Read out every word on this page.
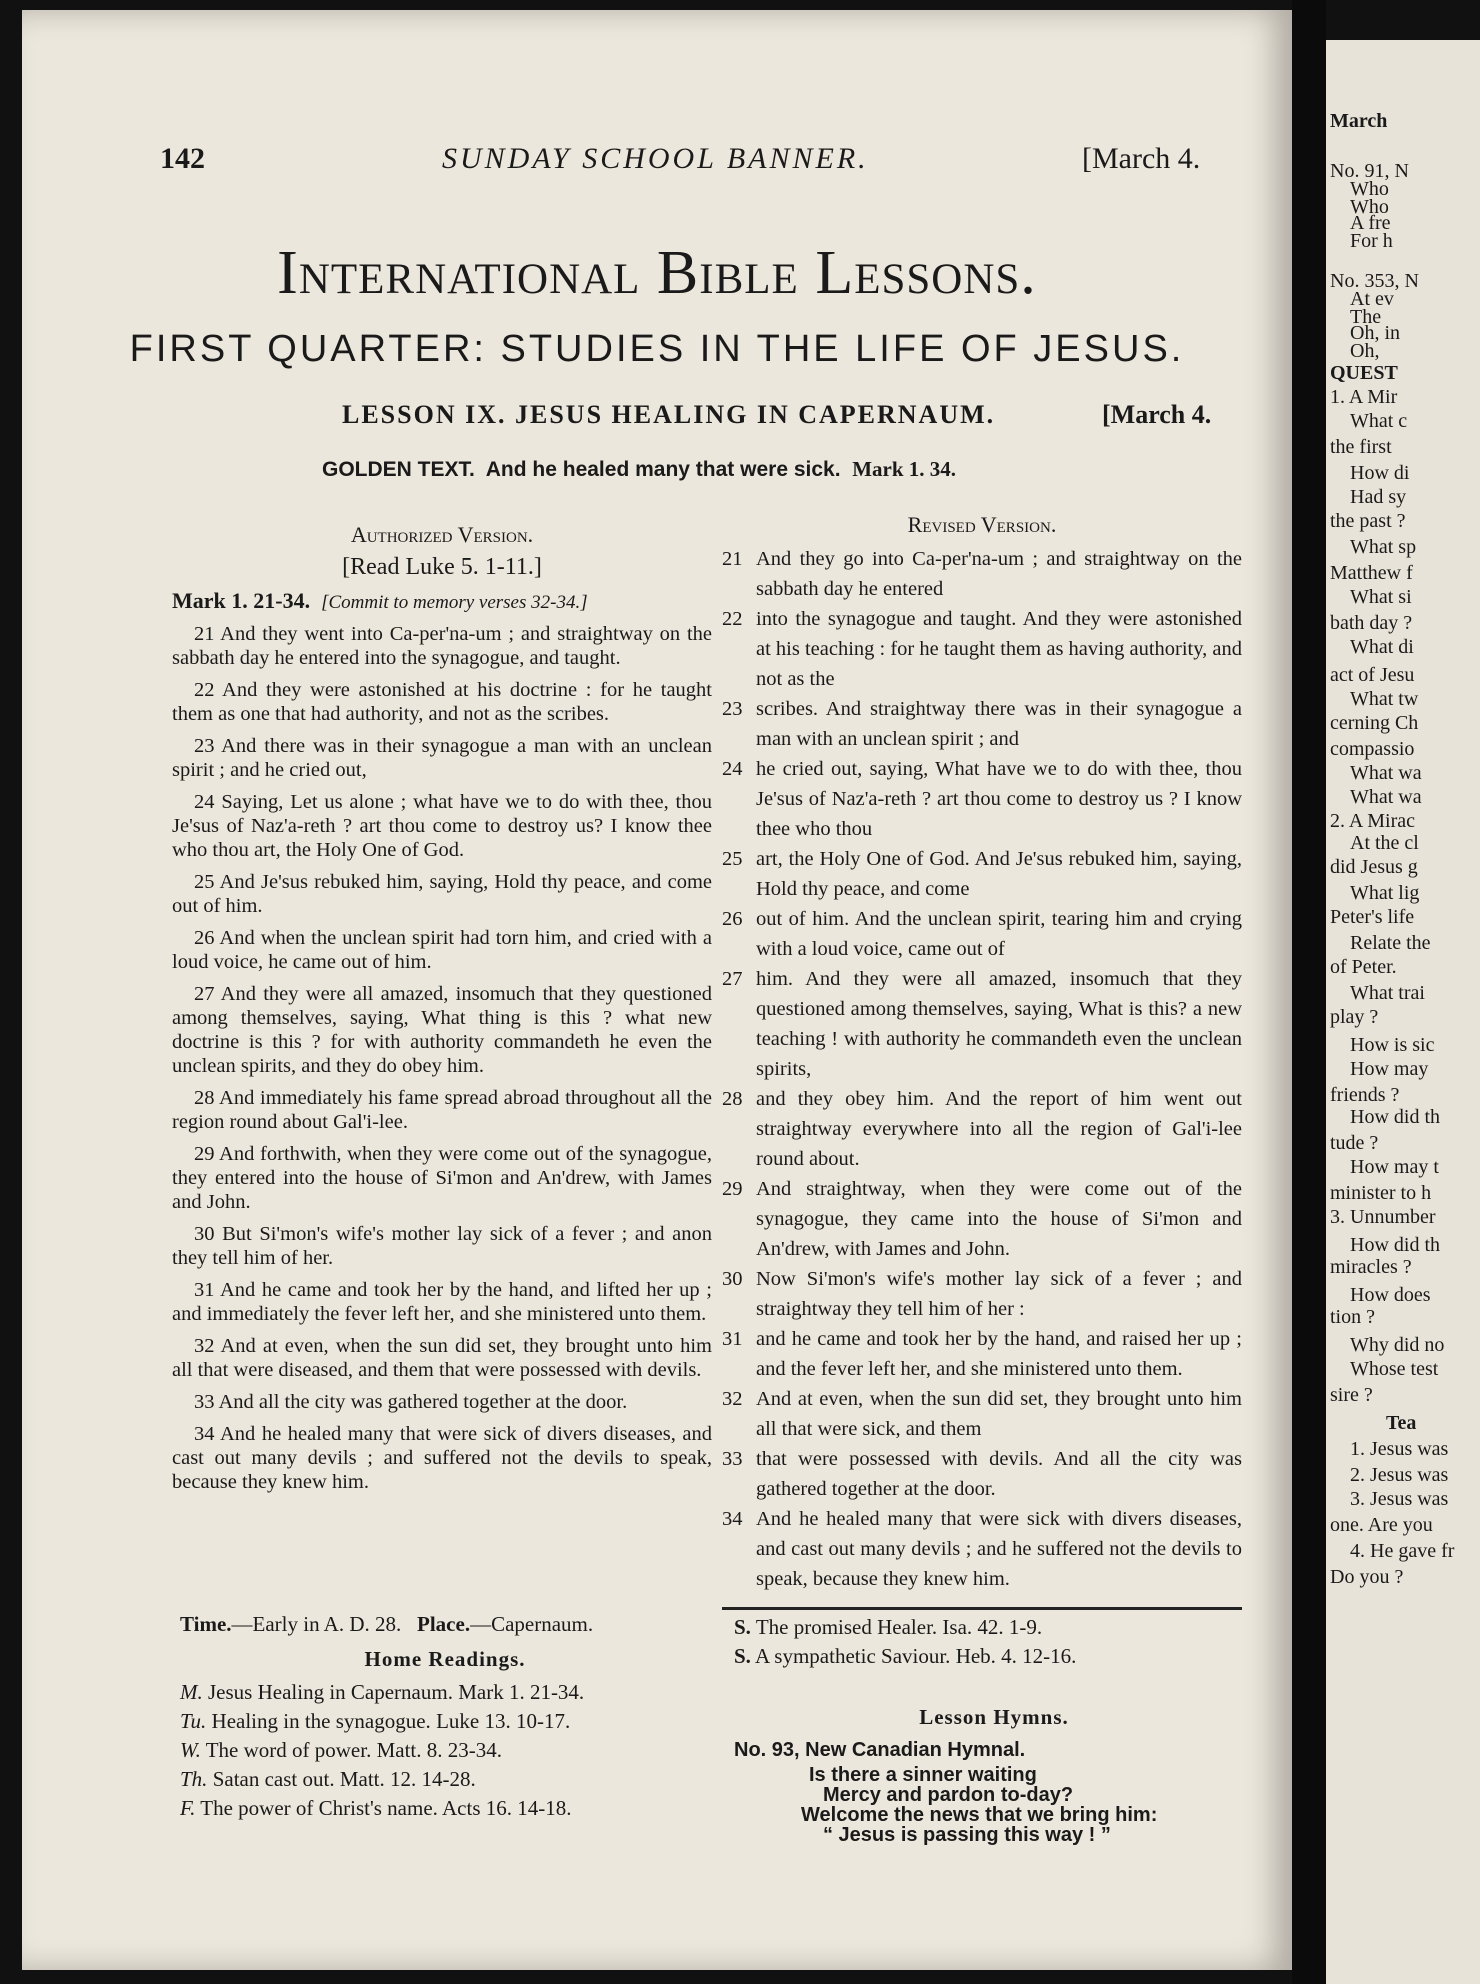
142	SUNDAY SCHOOL BANNER.	[March 4.
International Bible Lessons.
FIRST QUARTER: STUDIES IN THE LIFE OF JESUS.
LESSON IX. JESUS HEALING IN CAPERNAUM.	[March 4.
GOLDEN TEXT. And he healed many that were sick. Mark 1. 34.
Authorized Version.
[Read Luke 5. 1-11.]
Mark 1. 21-34. [Commit to memory verses 32-34.]

21 And they went into Ca-per'na-um ; and straightway on the sabbath day he entered into the synagogue, and taught.

22 And they were astonished at his doctrine : for he taught them as one that had authority, and not as the scribes.

23 And there was in their synagogue a man with an unclean spirit ; and he cried out,

24 Saying, Let us alone ; what have we to do with thee, thou Je'sus of Naz'a-reth ? art thou come to destroy us? I know thee who thou art, the Holy One of God.

25 And Je'sus rebuked him, saying, Hold thy peace, and come out of him.

26 And when the unclean spirit had torn him, and cried with a loud voice, he came out of him.

27 And they were all amazed, insomuch that they questioned among themselves, saying, What thing is this ? what new doctrine is this ? for with authority commandeth he even the unclean spirits, and they do obey him.

28 And immediately his fame spread abroad throughout all the region round about Gal'i-lee.

29 And forthwith, when they were come out of the synagogue, they entered into the house of Si'mon and An'drew, with James and John.

30 But Si'mon's wife's mother lay sick of a fever ; and anon they tell him of her.

31 And he came and took her by the hand, and lifted her up ; and immediately the fever left her, and she ministered unto them.

32 And at even, when the sun did set, they brought unto him all that were diseased, and them that were possessed with devils.

33 And all the city was gathered together at the door.

34 And he healed many that were sick of divers diseases, and cast out many devils ; and suffered not the devils to speak, because they knew him.

Revised Version.
21 And they go into Ca-per'na-um ; and straightway on the sabbath day he entered
22 into the synagogue and taught. And they were astonished at his teaching : for he taught them as having authority, and not as the
23 scribes. And straightway there was in their synagogue a man with an unclean spirit ; and
24 he cried out, saying, What have we to do with thee, thou Je'sus of Naz'a-reth ? art thou come to destroy us ? I know thee who thou
25 art, the Holy One of God. And Je'sus rebuked him, saying, Hold thy peace, and come
26 out of him. And the unclean spirit, tearing him and crying with a loud voice, came out of
27 him. And they were all amazed, insomuch that they questioned among themselves, saying, What is this? a new teaching ! with authority he commandeth even the unclean spirits,
28 and they obey him. And the report of him went out straightway everywhere into all the region of Gal'i-lee round about.
29 And straightway, when they were come out of the synagogue, they came into the house of Si'mon and An'drew, with James and John.
30 Now Si'mon's wife's mother lay sick of a fever ; and straightway they tell him of her :
31 and he came and took her by the hand, and raised her up ; and the fever left her, and she ministered unto them.
32 And at even, when the sun did set, they brought unto him all that were sick, and them
33 that were possessed with devils. And all the city was gathered together at the door.
34 And he healed many that were sick with divers diseases, and cast out many devils ; and he suffered not the devils to speak, because they knew him.
Time.—Early in A. D. 28. Place.—Capernaum.
Home Readings.
M. Jesus Healing in Capernaum. Mark 1. 21-34.
Tu. Healing in the synagogue. Luke 13. 10-17.
W. The word of power. Matt. 8. 23-34.
Th. Satan cast out. Matt. 12. 14-28.
F. The power of Christ's name. Acts 16. 14-18.
S. The promised Healer. Isa. 42. 1-9.
S. A sympathetic Saviour. Heb. 4. 12-16.
Lesson Hymns.
No. 93, New Canadian Hymnal.
Is there a sinner waiting
Mercy and pardon to-day?
Welcome the news that we bring him:
“ Jesus is passing this way ! ”
March
No. 91, N
Who
Who
A fre
For h
No. 353, N
At ev
The
Oh, in
Oh,
QUEST
1. A Mir
What c
the first
How di
Had sy
the past ?
What sp
Matthew f
What si
bath day ?
What di
act of Jesu
What tw
cerning Ch
compassio
What wa
What wa
2. A Mirac
At the cl
did Jesus g
What lig
Peter's life
Relate the
of Peter.
What trai
play ?
How is sic
How may
friends ?
How did th
tude ?
How may t
minister to h
3. Unnumber
How did th
miracles ?
How does
tion ?
Why did no
Whose test
sire ?
Tea
1. Jesus was
2. Jesus was
3. Jesus was
one. Are you
4. He gave fr
Do you ?
